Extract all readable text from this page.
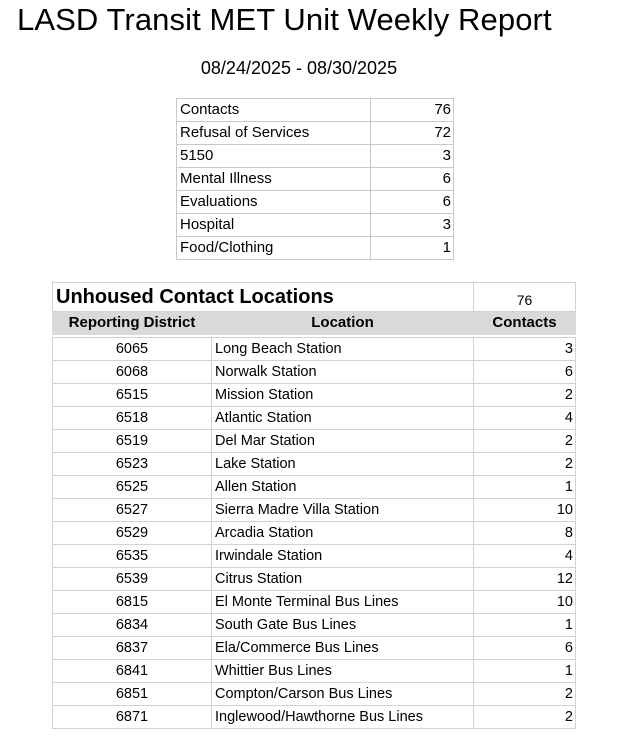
LASD Transit MET Unit Weekly Report
08/24/2025 - 08/30/2025
Contacts	76
Refusal of Services	72
5150	3
Mental Illness	6
Evaluations	6
Hospital	3
Food/Clothing	1
Unhoused Contact Locations		76
Reporting District	Location	Contacts

6065	Long Beach Station	3
6068	Norwalk Station	6
6515	Mission Station	2
6518	Atlantic Station	4
6519	Del Mar Station	2
6523	Lake Station	2
6525	Allen Station	1
6527	Sierra Madre Villa Station	10
6529	Arcadia Station	8
6535	Irwindale Station	4
6539	Citrus Station	12
6815	El Monte Terminal Bus Lines	10
6834	South Gate Bus Lines	1
6837	Ela/Commerce Bus Lines	6
6841	Whittier Bus Lines	1
6851	Compton/Carson Bus Lines	2
6871	Inglewood/Hawthorne Bus Lines	2
